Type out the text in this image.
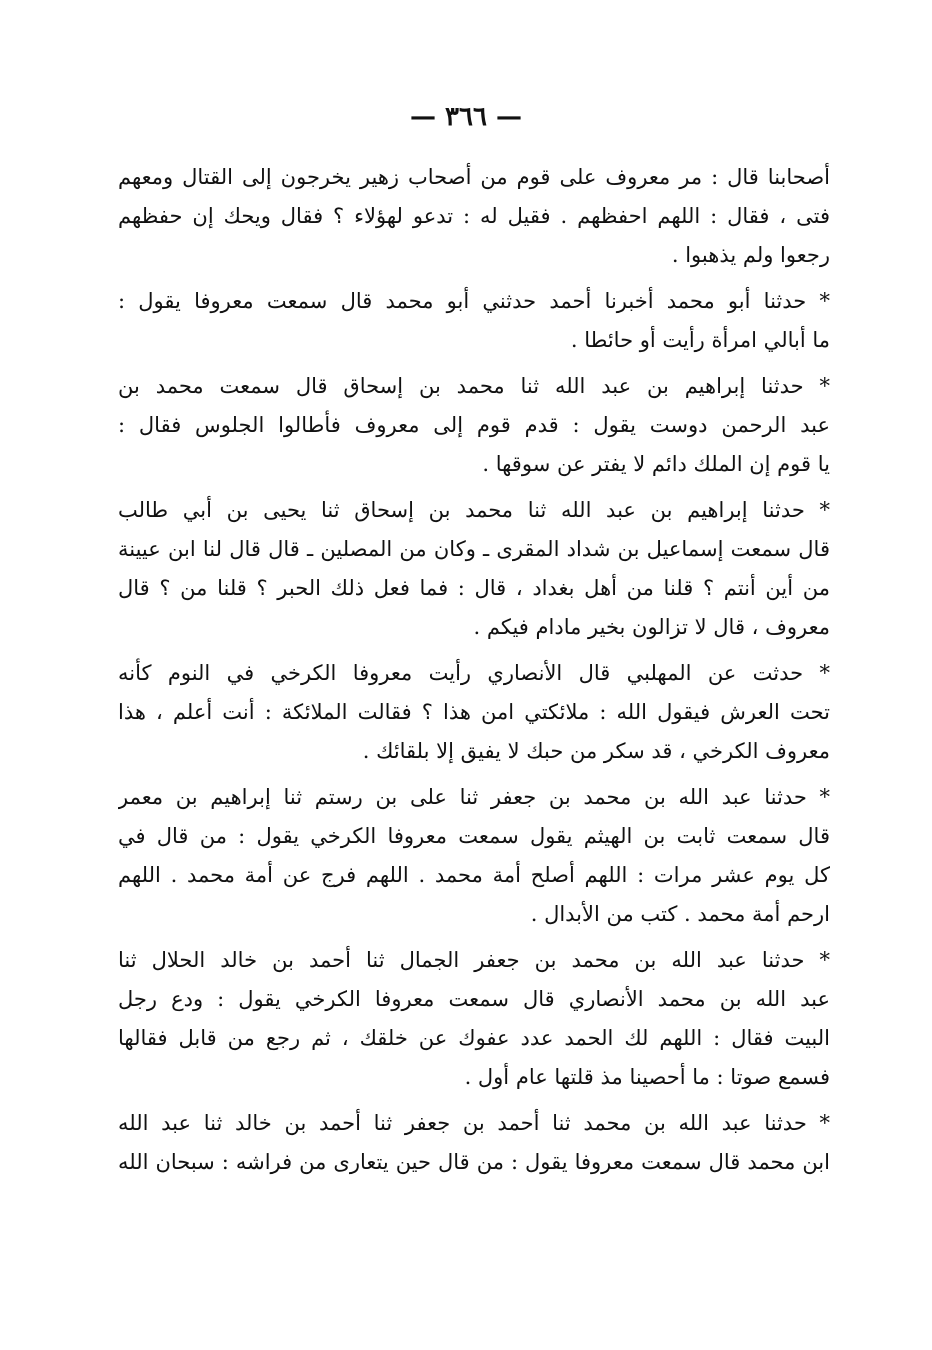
— ٣٦٦ —
أصحابنا قال : مر معروف على قوم من أصحاب زهير يخرجون إلى القتال ومعهم
فتى ، فقال : اللهم احفظهم . فقيل له : تدعو لهؤلاء ؟ فقال ويحك إن حفظهم
رجعوا ولم يذهبوا .
* حدثنا أبو محمد أخبرنا أحمد حدثني أبو محمد قال سمعت معروفا يقول :
ما أبالي امرأة رأيت أو حائطا .
* حدثنا إبراهيم بن عبد الله ثنا محمد بن إسحاق قال سمعت محمد بن
عبد الرحمن دوست يقول : قدم قوم إلى معروف فأطالوا الجلوس فقال :
يا قوم إن الملك دائم لا يفتر عن سوقها .
* حدثنا إبراهيم بن عبد الله ثنا محمد بن إسحاق ثنا يحيى بن أبي طالب
قال سمعت إسماعيل بن شداد المقرى ـ وكان من المصلين ـ قال قال لنا ابن عيينة
من أين أنتم ؟ قلنا من أهل بغداد ، قال : فما فعل ذلك الحبر ؟ قلنا من ؟ قال
معروف ، قال لا تزالون بخير مادام فيكم .
* حدثت عن المهلبي قال الأنصاري رأيت معروفا الكرخي في النوم كأنه
تحت العرش فيقول الله : ملائكتي امن هذا ؟ فقالت الملائكة : أنت أعلم ، هذا
معروف الكرخي ، قد سكر من حبك لا يفيق إلا بلقائك .
* حدثنا عبد الله بن محمد بن جعفر ثنا على بن رستم ثنا إبراهيم بن معمر
قال سمعت ثابت بن الهيثم يقول سمعت معروفا الكرخي يقول : من قال في
كل يوم عشر مرات : اللهم أصلح أمة محمد . اللهم فرج عن أمة محمد . اللهم
ارحم أمة محمد . كتب من الأبدال .
* حدثنا عبد الله بن محمد بن جعفر الجمال ثنا أحمد بن خالد الحلال ثنا
عبد الله بن محمد الأنصاري قال سمعت معروفا الكرخي يقول : ودع رجل
البيت فقال : اللهم لك الحمد عدد عفوك عن خلقك ، ثم رجع من قابل فقالها
فسمع صوتا : ما أحصينا مذ قلتها عام أول .
* حدثنا عبد الله بن محمد ثنا أحمد بن جعفر ثنا أحمد بن خالد ثنا عبد الله
ابن محمد قال سمعت معروفا يقول : من قال حين يتعارى من فراشه : سبحان الله
